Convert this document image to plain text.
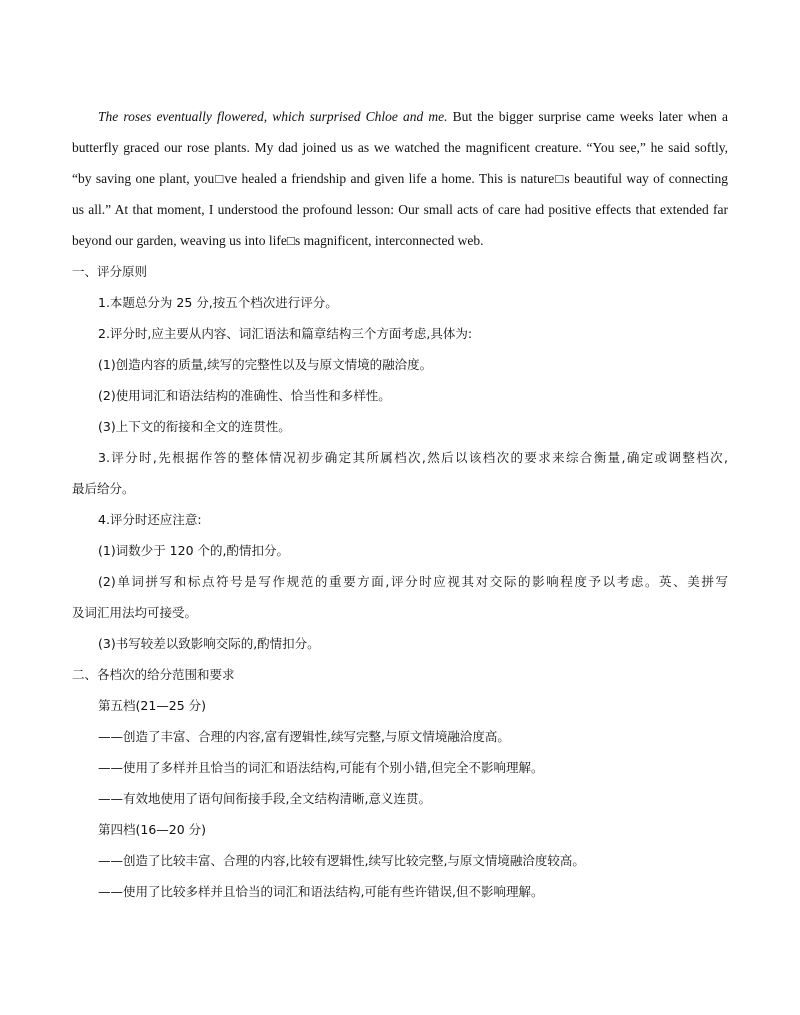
The roses eventually flowered, which surprised Chloe and me. But the bigger surprise came weeks later when a
butterfly graced our rose plants. My dad joined us as we watched the magnificent creature. “You see,” he said softly,
“by saving one plant, you□ve healed a friendship and given life a home. This is nature□s beautiful way of connecting
us all.” At that moment, I understood the profound lesson: Our small acts of care had positive effects that extended far
beyond our garden, weaving us into life□s magnificent, interconnected web.
一、评分原则
1.本题总分为 25 分,按五个档次进行评分。
2.评分时,应主要从内容、词汇语法和篇章结构三个方面考虑,具体为:
(1)创造内容的质量,续写的完整性以及与原文情境的融洽度。
(2)使用词汇和语法结构的准确性、恰当性和多样性。
(3)上下文的衔接和全文的连贯性。
3.评分时,先根据作答的整体情况初步确定其所属档次,然后以该档次的要求来综合衡量,确定或调整档次,
最后给分。
4.评分时还应注意:
(1)词数少于 120 个的,酌情扣分。
(2)单词拼写和标点符号是写作规范的重要方面,评分时应视其对交际的影响程度予以考虑。英、美拼写
及词汇用法均可接受。
(3)书写较差以致影响交际的,酌情扣分。
二、各档次的给分范围和要求
第五档(21—25 分)
——创造了丰富、合理的内容,富有逻辑性,续写完整,与原文情境融洽度高。
——使用了多样并且恰当的词汇和语法结构,可能有个别小错,但完全不影响理解。
——有效地使用了语句间衔接手段,全文结构清晰,意义连贯。
第四档(16—20 分)
——创造了比较丰富、合理的内容,比较有逻辑性,续写比较完整,与原文情境融洽度较高。
——使用了比较多样并且恰当的词汇和语法结构,可能有些许错误,但不影响理解。
